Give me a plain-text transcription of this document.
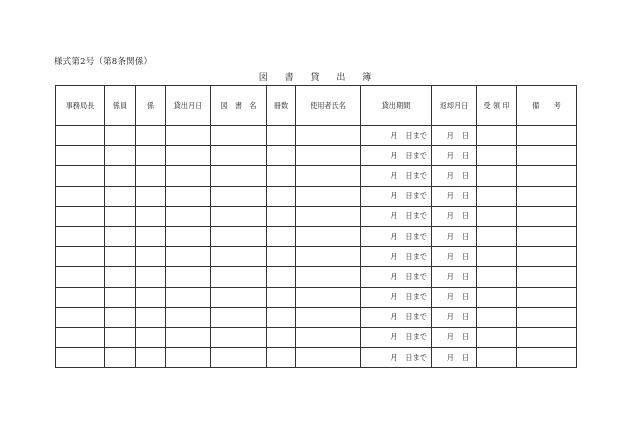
様式第2号（第8条関係）
図 書 貸 出 簿
事務局長	係員	係	貸出月日	図　書　名	冊数	使用者氏名	貸出期間	返却月日	受 領 印	備　　考
							月 日まで	月 日		
							月 日まで	月 日		
							月 日まで	月 日		
							月 日まで	月 日		
							月 日まで	月 日		
							月 日まで	月 日		
							月 日まで	月 日		
							月 日まで	月 日		
							月 日まで	月 日		
							月 日まで	月 日		
							月 日まで	月 日		
							月 日まで	月 日		
